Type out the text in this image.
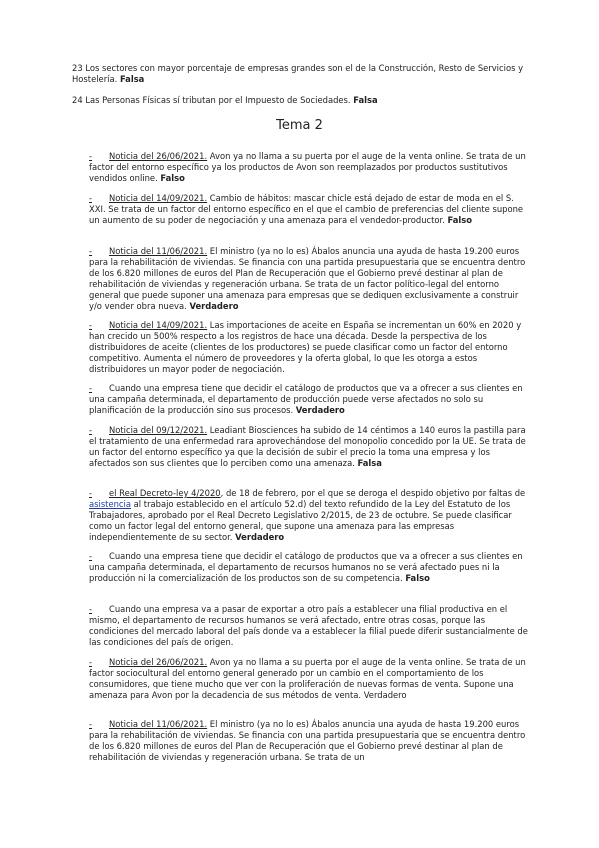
23 Los sectores con mayor porcentaje de empresas grandes son el de la Construcción, Resto de Servicios y Hostelería. Falsa

24 Las Personas Físicas sí tributan por el Impuesto de Sociedades. Falsa

Tema 2
- Noticia del 26/06/2021. Avon ya no llama a su puerta por el auge de la venta online. Se trata de un factor del entorno específico ya los productos de Avon son reemplazados por productos sustitutivos vendidos online. Falso
- Noticia del 14/09/2021. Cambio de hábitos: mascar chicle está dejado de estar de moda en el S. XXI. Se trata de un factor del entorno específico en el que el cambio de preferencias del cliente supone un aumento de su poder de negociación y una amenaza para el vendedor-productor. Falso
- Noticia del 11/06/2021. El ministro (ya no lo es) Ábalos anuncia una ayuda de hasta 19.200 euros para la rehabilitación de viviendas. Se financia con una partida presupuestaria que se encuentra dentro de los 6.820 millones de euros del Plan de Recuperación que el Gobierno prevé destinar al plan de rehabilitación de viviendas y regeneración urbana. Se trata de un factor político-legal del entorno general que puede suponer una amenaza para empresas que se dediquen exclusivamente a construir y/o vender obra nueva. Verdadero
- Noticia del 14/09/2021. Las importaciones de aceite en España se incrementan un 60% en 2020 y han crecido un 500% respecto a los registros de hace una década. Desde la perspectiva de los distribuidores de aceite (clientes de los productores) se puede clasificar como un factor del entorno competitivo. Aumenta el número de proveedores y la oferta global, lo que les otorga a estos distribuidores un mayor poder de negociación.
- Cuando una empresa tiene que decidir el catálogo de productos que va a ofrecer a sus clientes en una campaña determinada, el departamento de producción puede verse afectados no solo su planificación de la producción sino sus procesos. Verdadero
- Noticia del 09/12/2021. Leadiant Biosciences ha subido de 14 céntimos a 140 euros la pastilla para el tratamiento de una enfermedad rara aprovechándose del monopolio concedido por la UE. Se trata de un factor del entorno específico ya que la decisión de subir el precio la toma una empresa y los afectados son sus clientes que lo perciben como una amenaza. Falsa
- el Real Decreto-ley 4/2020, de 18 de febrero, por el que se deroga el despido objetivo por faltas de asistencia al trabajo establecido en el artículo 52.d) del texto refundido de la Ley del Estatuto de los Trabajadores, aprobado por el Real Decreto Legislativo 2/2015, de 23 de octubre. Se puede clasificar como un factor legal del entorno general, que supone una amenaza para las empresas independientemente de su sector. Verdadero
- Cuando una empresa tiene que decidir el catálogo de productos que va a ofrecer a sus clientes en una campaña determinada, el departamento de recursos humanos no se verá afectado pues ni la producción ni la comercialización de los productos son de su competencia. Falso
- Cuando una empresa va a pasar de exportar a otro país a establecer una filial productiva en el mismo, el departamento de recursos humanos se verá afectado, entre otras cosas, porque las condiciones del mercado laboral del país donde va a establecer la filial puede diferir sustancialmente de las condiciones del país de origen.
- Noticia del 26/06/2021. Avon ya no llama a su puerta por el auge de la venta online. Se trata de un factor sociocultural del entorno general generado por un cambio en el comportamiento de los consumidores, que tiene mucho que ver con la proliferación de nuevas formas de venta. Supone una amenaza para Avon por la decadencia de sus métodos de venta. Verdadero
- Noticia del 11/06/2021. El ministro (ya no lo es) Ábalos anuncia una ayuda de hasta 19.200 euros para la rehabilitación de viviendas. Se financia con una partida presupuestaria que se encuentra dentro de los 6.820 millones de euros del Plan de Recuperación que el Gobierno prevé destinar al plan de rehabilitación de viviendas y regeneración urbana. Se trata de un
